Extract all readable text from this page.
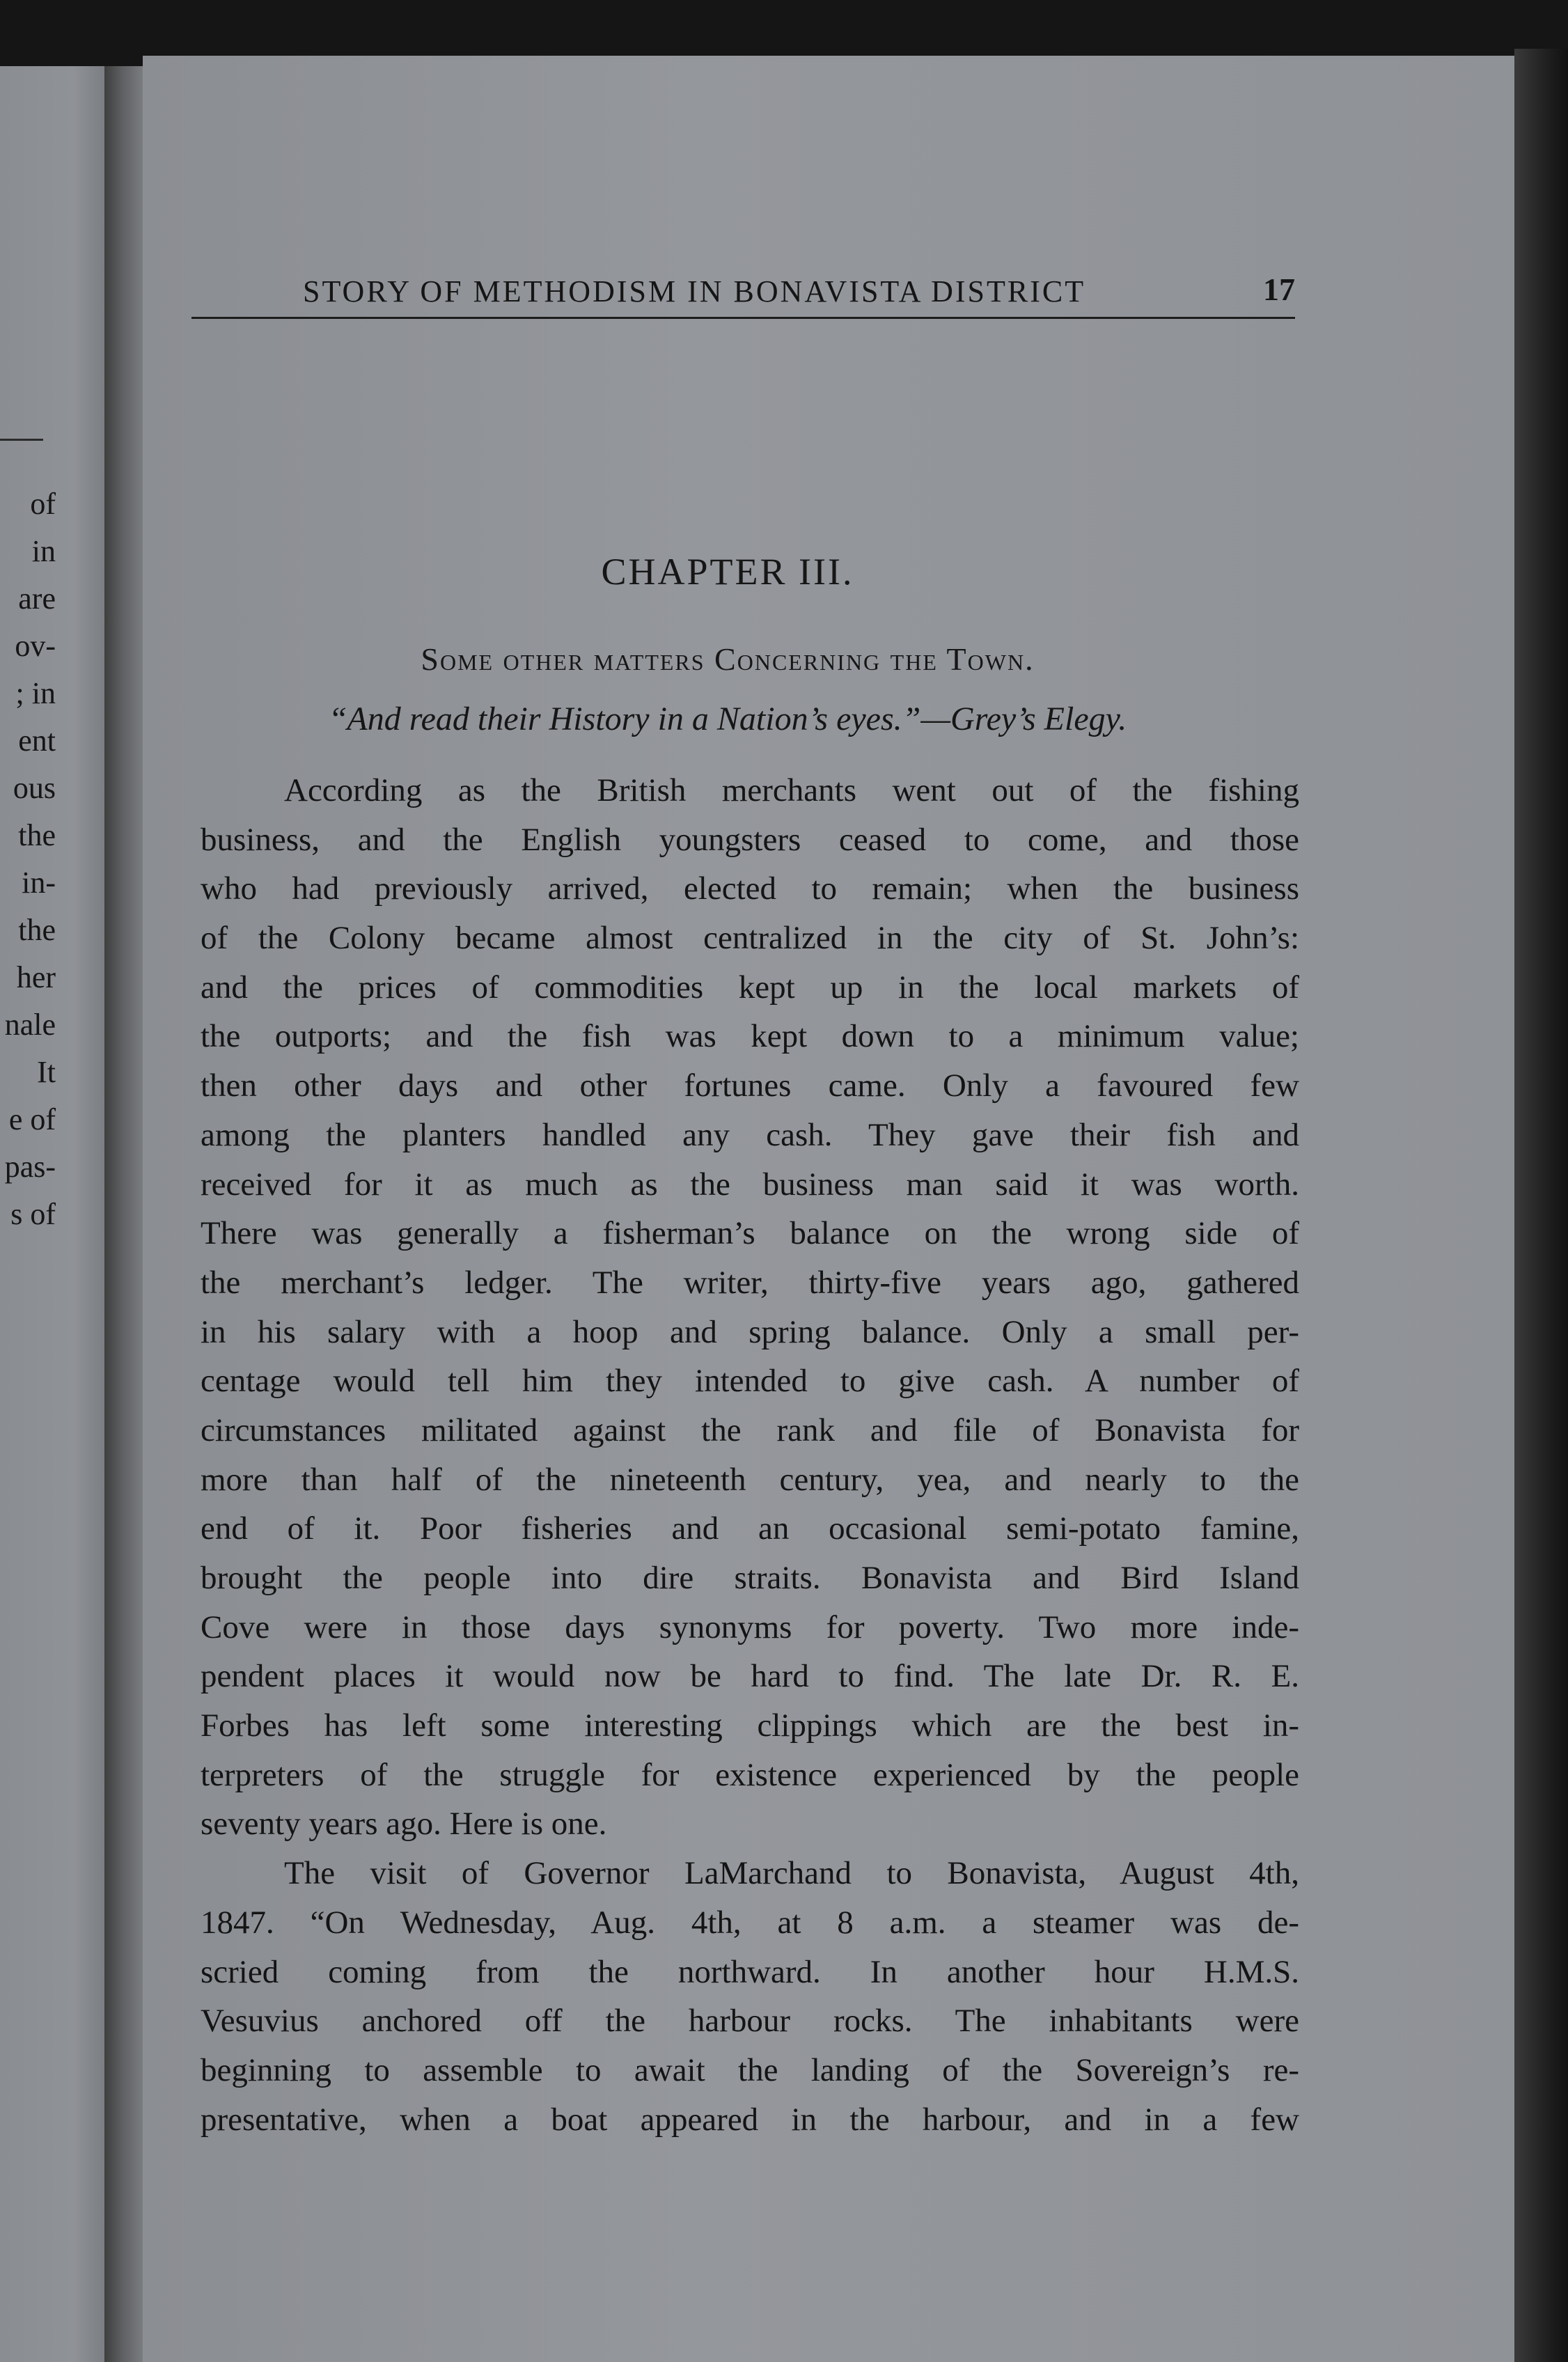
of
in
are
ov-
; in
ent
ous
the
in-
the
her
nale
It
e of
pas-
s of
STORY OF METHODISM IN BONAVISTA DISTRICT	17
CHAPTER III.
Some other matters Concerning the Town.
“And read their History in a Nation’s eyes.”—Grey’s Elegy.
According as the British merchants went out of the fishing
business, and the English youngsters ceased to come, and those
who had previously arrived, elected to remain; when the business
of the Colony became almost centralized in the city of St. John’s:
and the prices of commodities kept up in the local markets of
the outports; and the fish was kept down to a minimum value;
then other days and other fortunes came. Only a favoured few
among the planters handled any cash. They gave their fish and
received for it as much as the business man said it was worth.
There was generally a fisherman’s balance on the wrong side of
the merchant’s ledger. The writer, thirty-five years ago, gathered
in his salary with a hoop and spring balance. Only a small per-
centage would tell him they intended to give cash. A number of
circumstances militated against the rank and file of Bonavista for
more than half of the nineteenth century, yea, and nearly to the
end of it. Poor fisheries and an occasional semi-potato famine,
brought the people into dire straits. Bonavista and Bird Island
Cove were in those days synonyms for poverty. Two more inde-
pendent places it would now be hard to find. The late Dr. R. E.
Forbes has left some interesting clippings which are the best in-
terpreters of the struggle for existence experienced by the people
seventy years ago. Here is one.
The visit of Governor LaMarchand to Bonavista, August 4th,
1847. “On Wednesday, Aug. 4th, at 8 a.m. a steamer was de-
scried coming from the northward. In another hour H.M.S.
Vesuvius anchored off the harbour rocks. The inhabitants were
beginning to assemble to await the landing of the Sovereign’s re-
presentative, when a boat appeared in the harbour, and in a few
